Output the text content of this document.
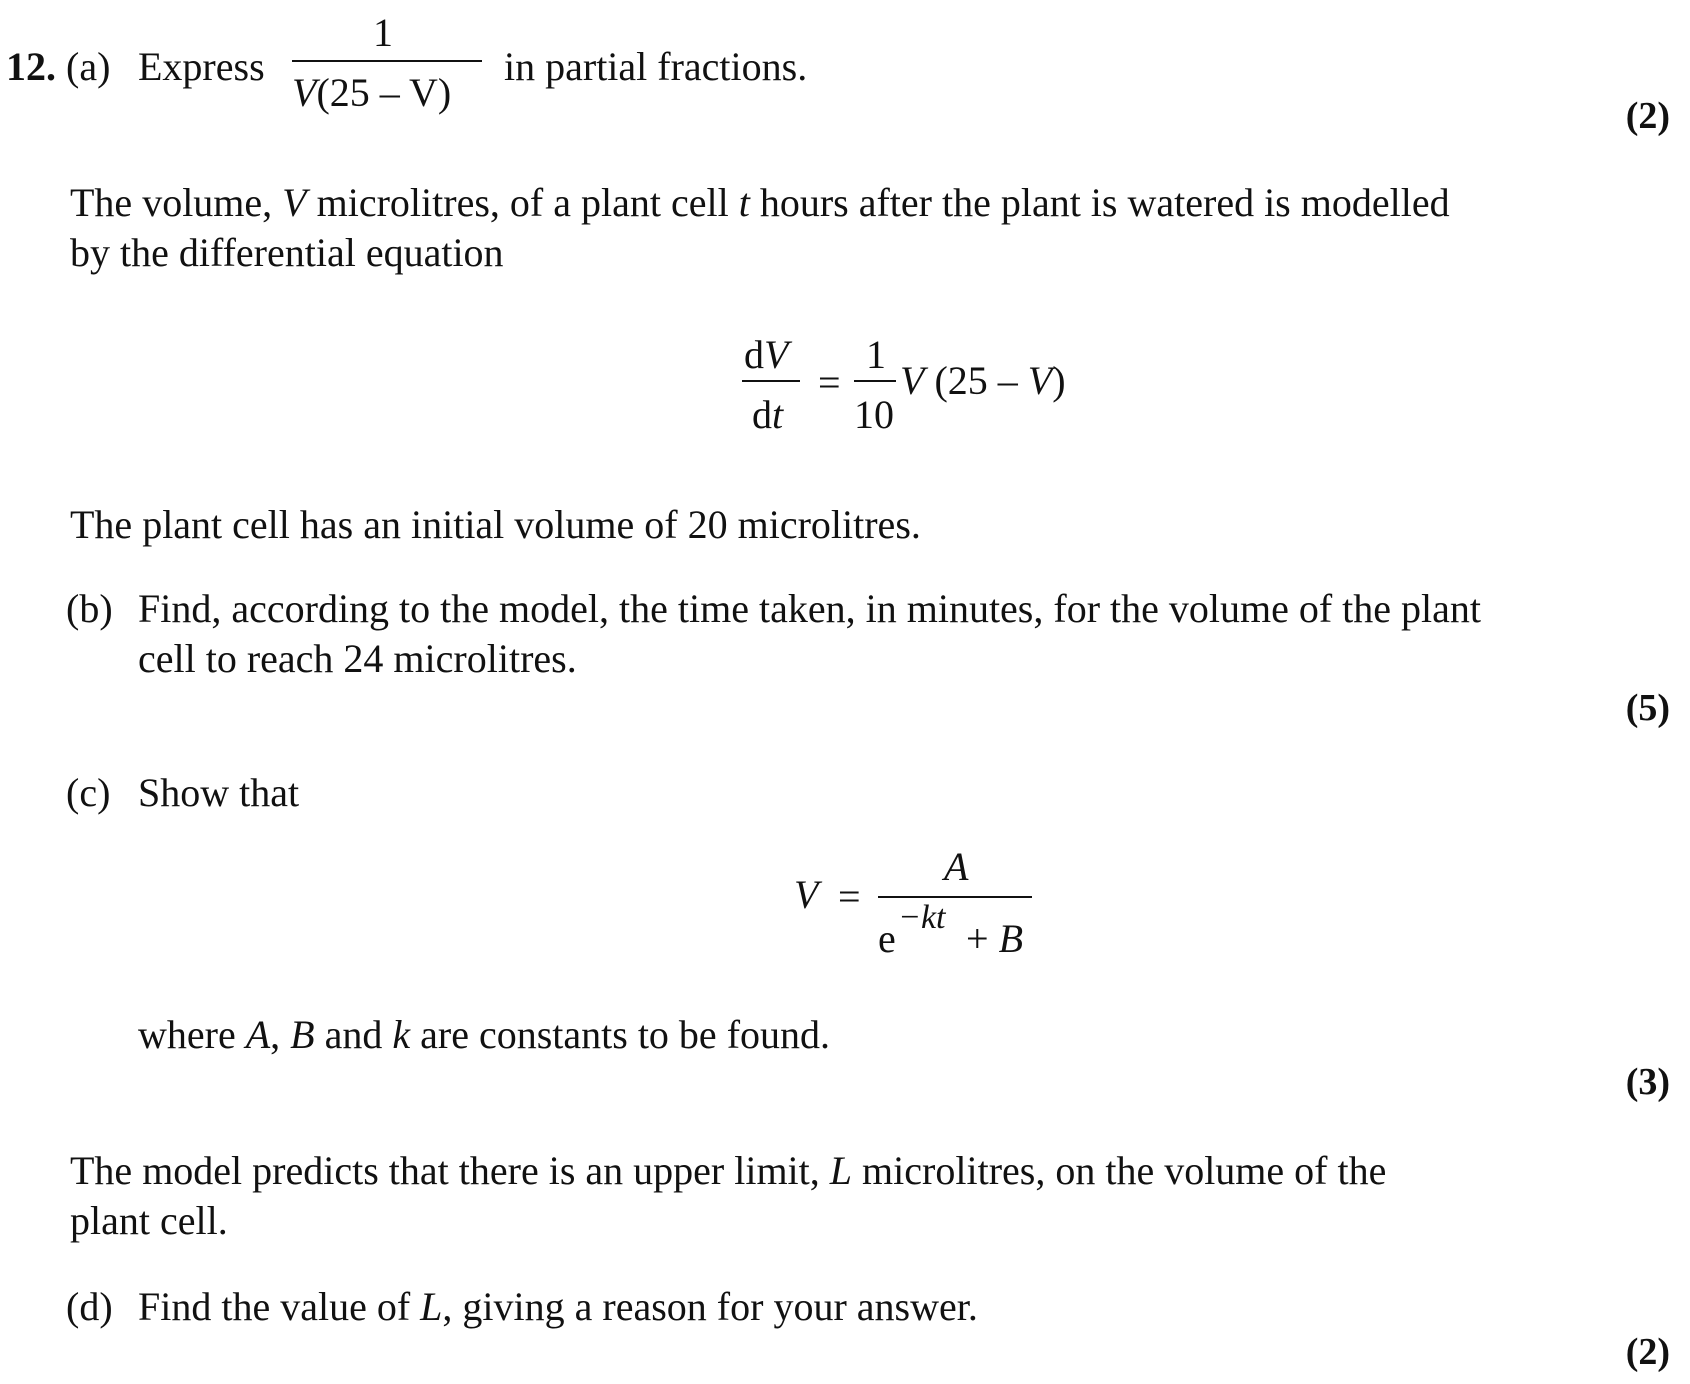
12. (a) Express
1
V(25 – V)
in partial fractions.
(2)
The volume, V microlitres, of a plant cell t hours after the plant is watered is modelled
by the differential equation
dV
dt
=
1
10
V (25 – V)
The plant cell has an initial volume of 20 microlitres.
(b) Find, according to the model, the time taken, in minutes, for the volume of the plant
cell to reach 24 microlitres.
(5)
(c) Show that
V =
A
e −kt + B
where A, B and k are constants to be found.
(3)
The model predicts that there is an upper limit, L microlitres, on the volume of the
plant cell.
(d) Find the value of L, giving a reason for your answer.
(2)
